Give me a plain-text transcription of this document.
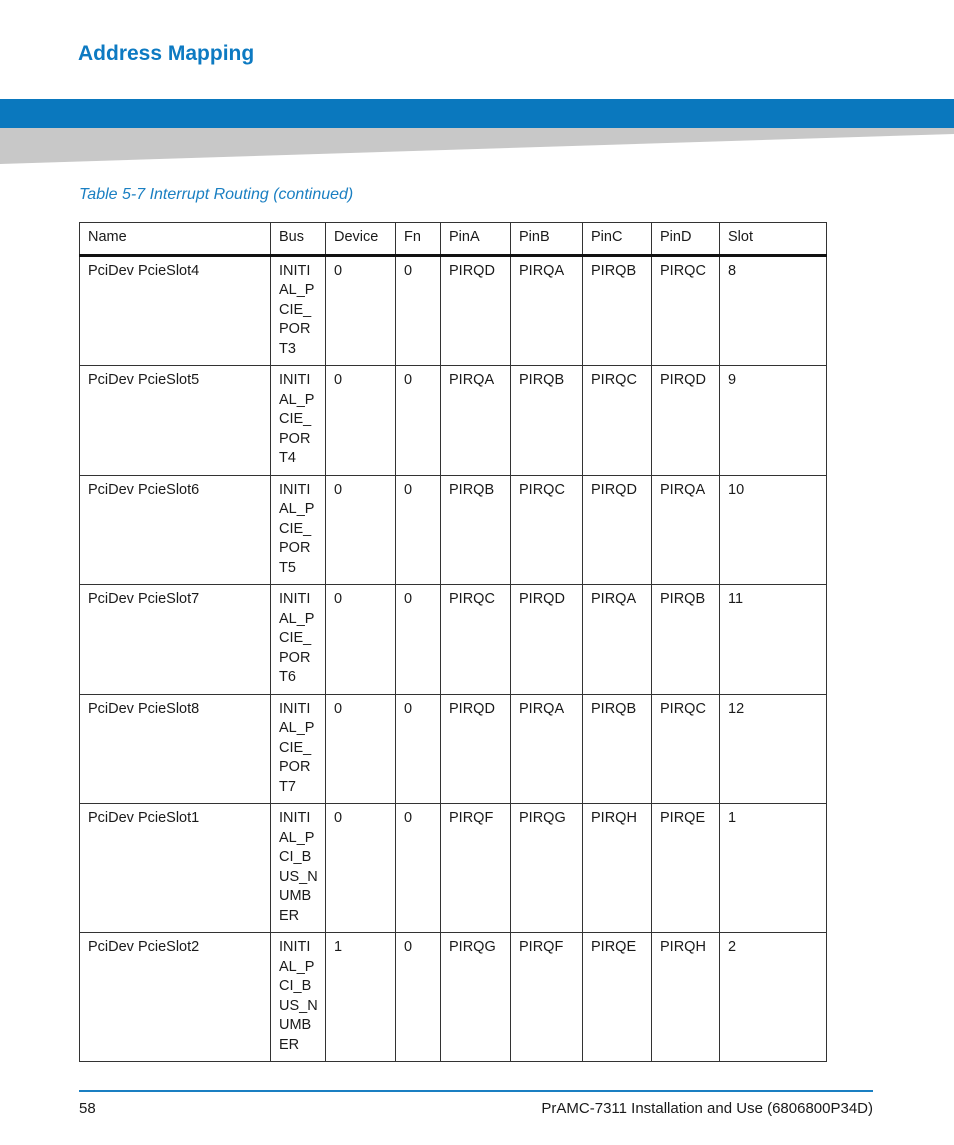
Address Mapping
Table 5-7 Interrupt Routing (continued)
Name	Bus	Device	Fn	PinA	PinB	PinC	PinD	Slot
PciDev PcieSlot4	INITIAL_PCIE_PORT3	0	0	PIRQD	PIRQA	PIRQB	PIRQC	8
PciDev PcieSlot5	INITIAL_PCIE_PORT4	0	0	PIRQA	PIRQB	PIRQC	PIRQD	9
PciDev PcieSlot6	INITIAL_PCIE_PORT5	0	0	PIRQB	PIRQC	PIRQD	PIRQA	10
PciDev PcieSlot7	INITIAL_PCIE_PORT6	0	0	PIRQC	PIRQD	PIRQA	PIRQB	11
PciDev PcieSlot8	INITIAL_PCIE_PORT7	0	0	PIRQD	PIRQA	PIRQB	PIRQC	12
PciDev PcieSlot1	INITIAL_PCI_BUS_NUMBER	0	0	PIRQF	PIRQG	PIRQH	PIRQE	1
PciDev PcieSlot2	INITIAL_PCI_BUS_NUMBER	1	0	PIRQG	PIRQF	PIRQE	PIRQH	2
58	PrAMC-7311 Installation and Use (6806800P34D)
